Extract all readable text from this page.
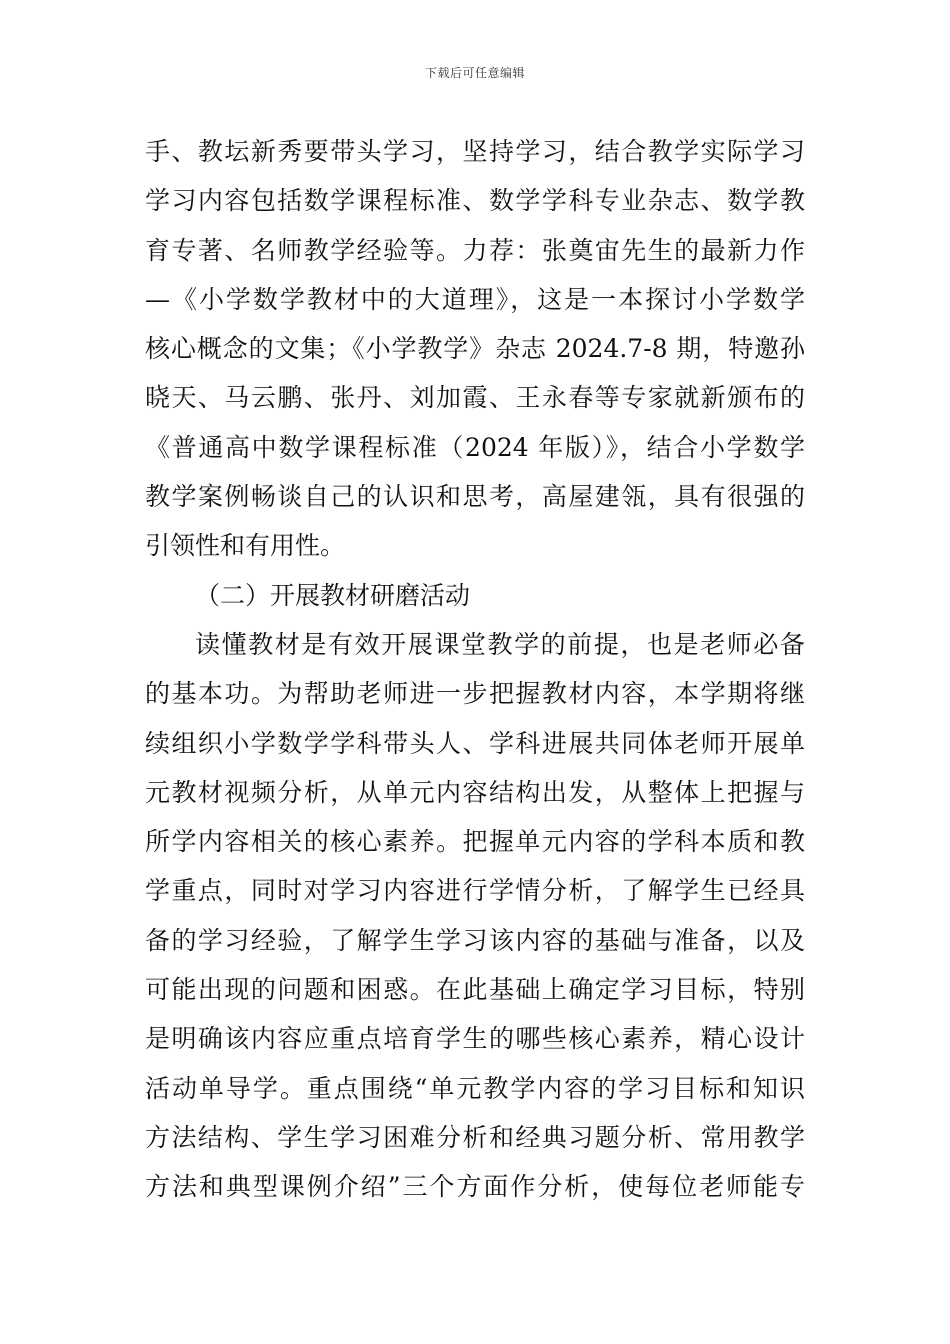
下载后可任意编辑
手、教坛新秀要带头学习，坚持学习，结合教学实际学习
学习内容包括数学课程标准、数学学科专业杂志、数学教
育专著、名师教学经验等。力荐：张奠宙先生的最新力作
—《小学数学教材中的大道理》，这是一本探讨小学数学
核心概念的文集；《小学教学》杂志 2024.7-8 期，特邀孙
晓天、马云鹏、张丹、刘加霞、王永春等专家就新颁布的
《普通高中数学课程标准（2024 年版）》，结合小学数学
教学案例畅谈自己的认识和思考，高屋建瓴，具有很强的
引领性和有用性。
（二）开展教材研磨活动
读懂教材是有效开展课堂教学的前提，也是老师必备
的基本功。为帮助老师进一步把握教材内容，本学期将继
续组织小学数学学科带头人、学科进展共同体老师开展单
元教材视频分析，从单元内容结构出发，从整体上把握与
所学内容相关的核心素养。把握单元内容的学科本质和教
学重点，同时对学习内容进行学情分析，了解学生已经具
备的学习经验，了解学生学习该内容的基础与准备，以及
可能出现的问题和困惑。在此基础上确定学习目标，特别
是明确该内容应重点培育学生的哪些核心素养，精心设计
活动单导学。重点围绕“单元教学内容的学习目标和知识
方法结构、学生学习困难分析和经典习题分析、常用教学
方法和典型课例介绍”三个方面作分析，使每位老师能专
